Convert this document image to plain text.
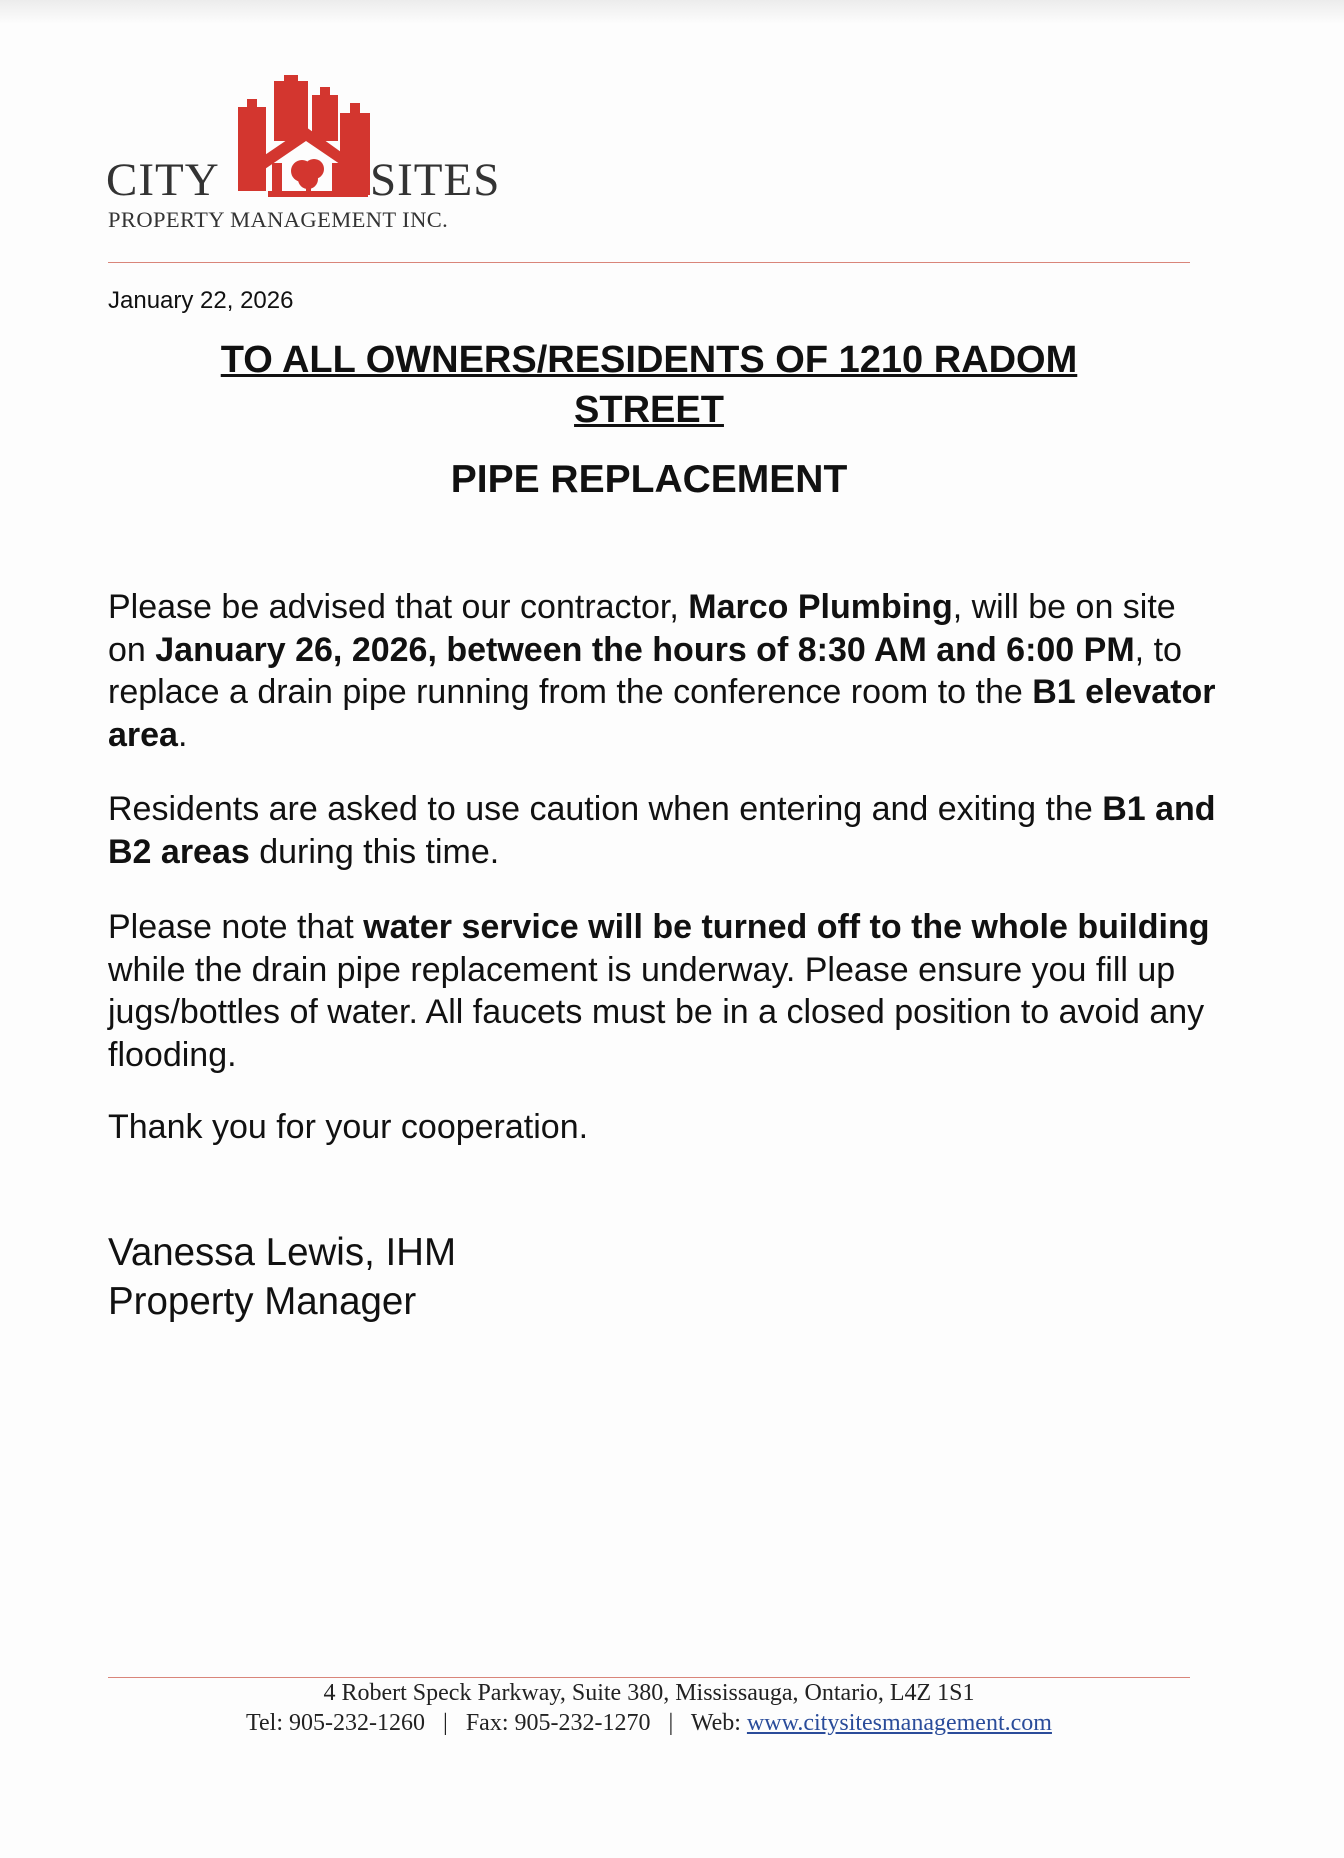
CITY	SITES
PROPERTY MANAGEMENT INC.
January 22, 2026
TO ALL OWNERS/RESIDENTS OF 1210 RADOM
STREET
PIPE REPLACEMENT

Please be advised that our contractor, Marco Plumbing, will be on site on January 26, 2026, between the hours of 8:30 AM and 6:00 PM, to replace a drain pipe running from the conference room to the B1 elevator area.

Residents are asked to use caution when entering and exiting the B1 and B2 areas during this time.

Please note that water service will be turned off to the whole building while the drain pipe replacement is underway. Please ensure you fill up jugs/bottles of water. All faucets must be in a closed position to avoid any flooding.

Thank you for your cooperation.

Vanessa Lewis, IHM
Property Manager
4 Robert Speck Parkway, Suite 380, Mississauga, Ontario, L4Z 1S1
Tel: 905-232-1260 | Fax: 905-232-1270 | Web: www.citysitesmanagement.com
